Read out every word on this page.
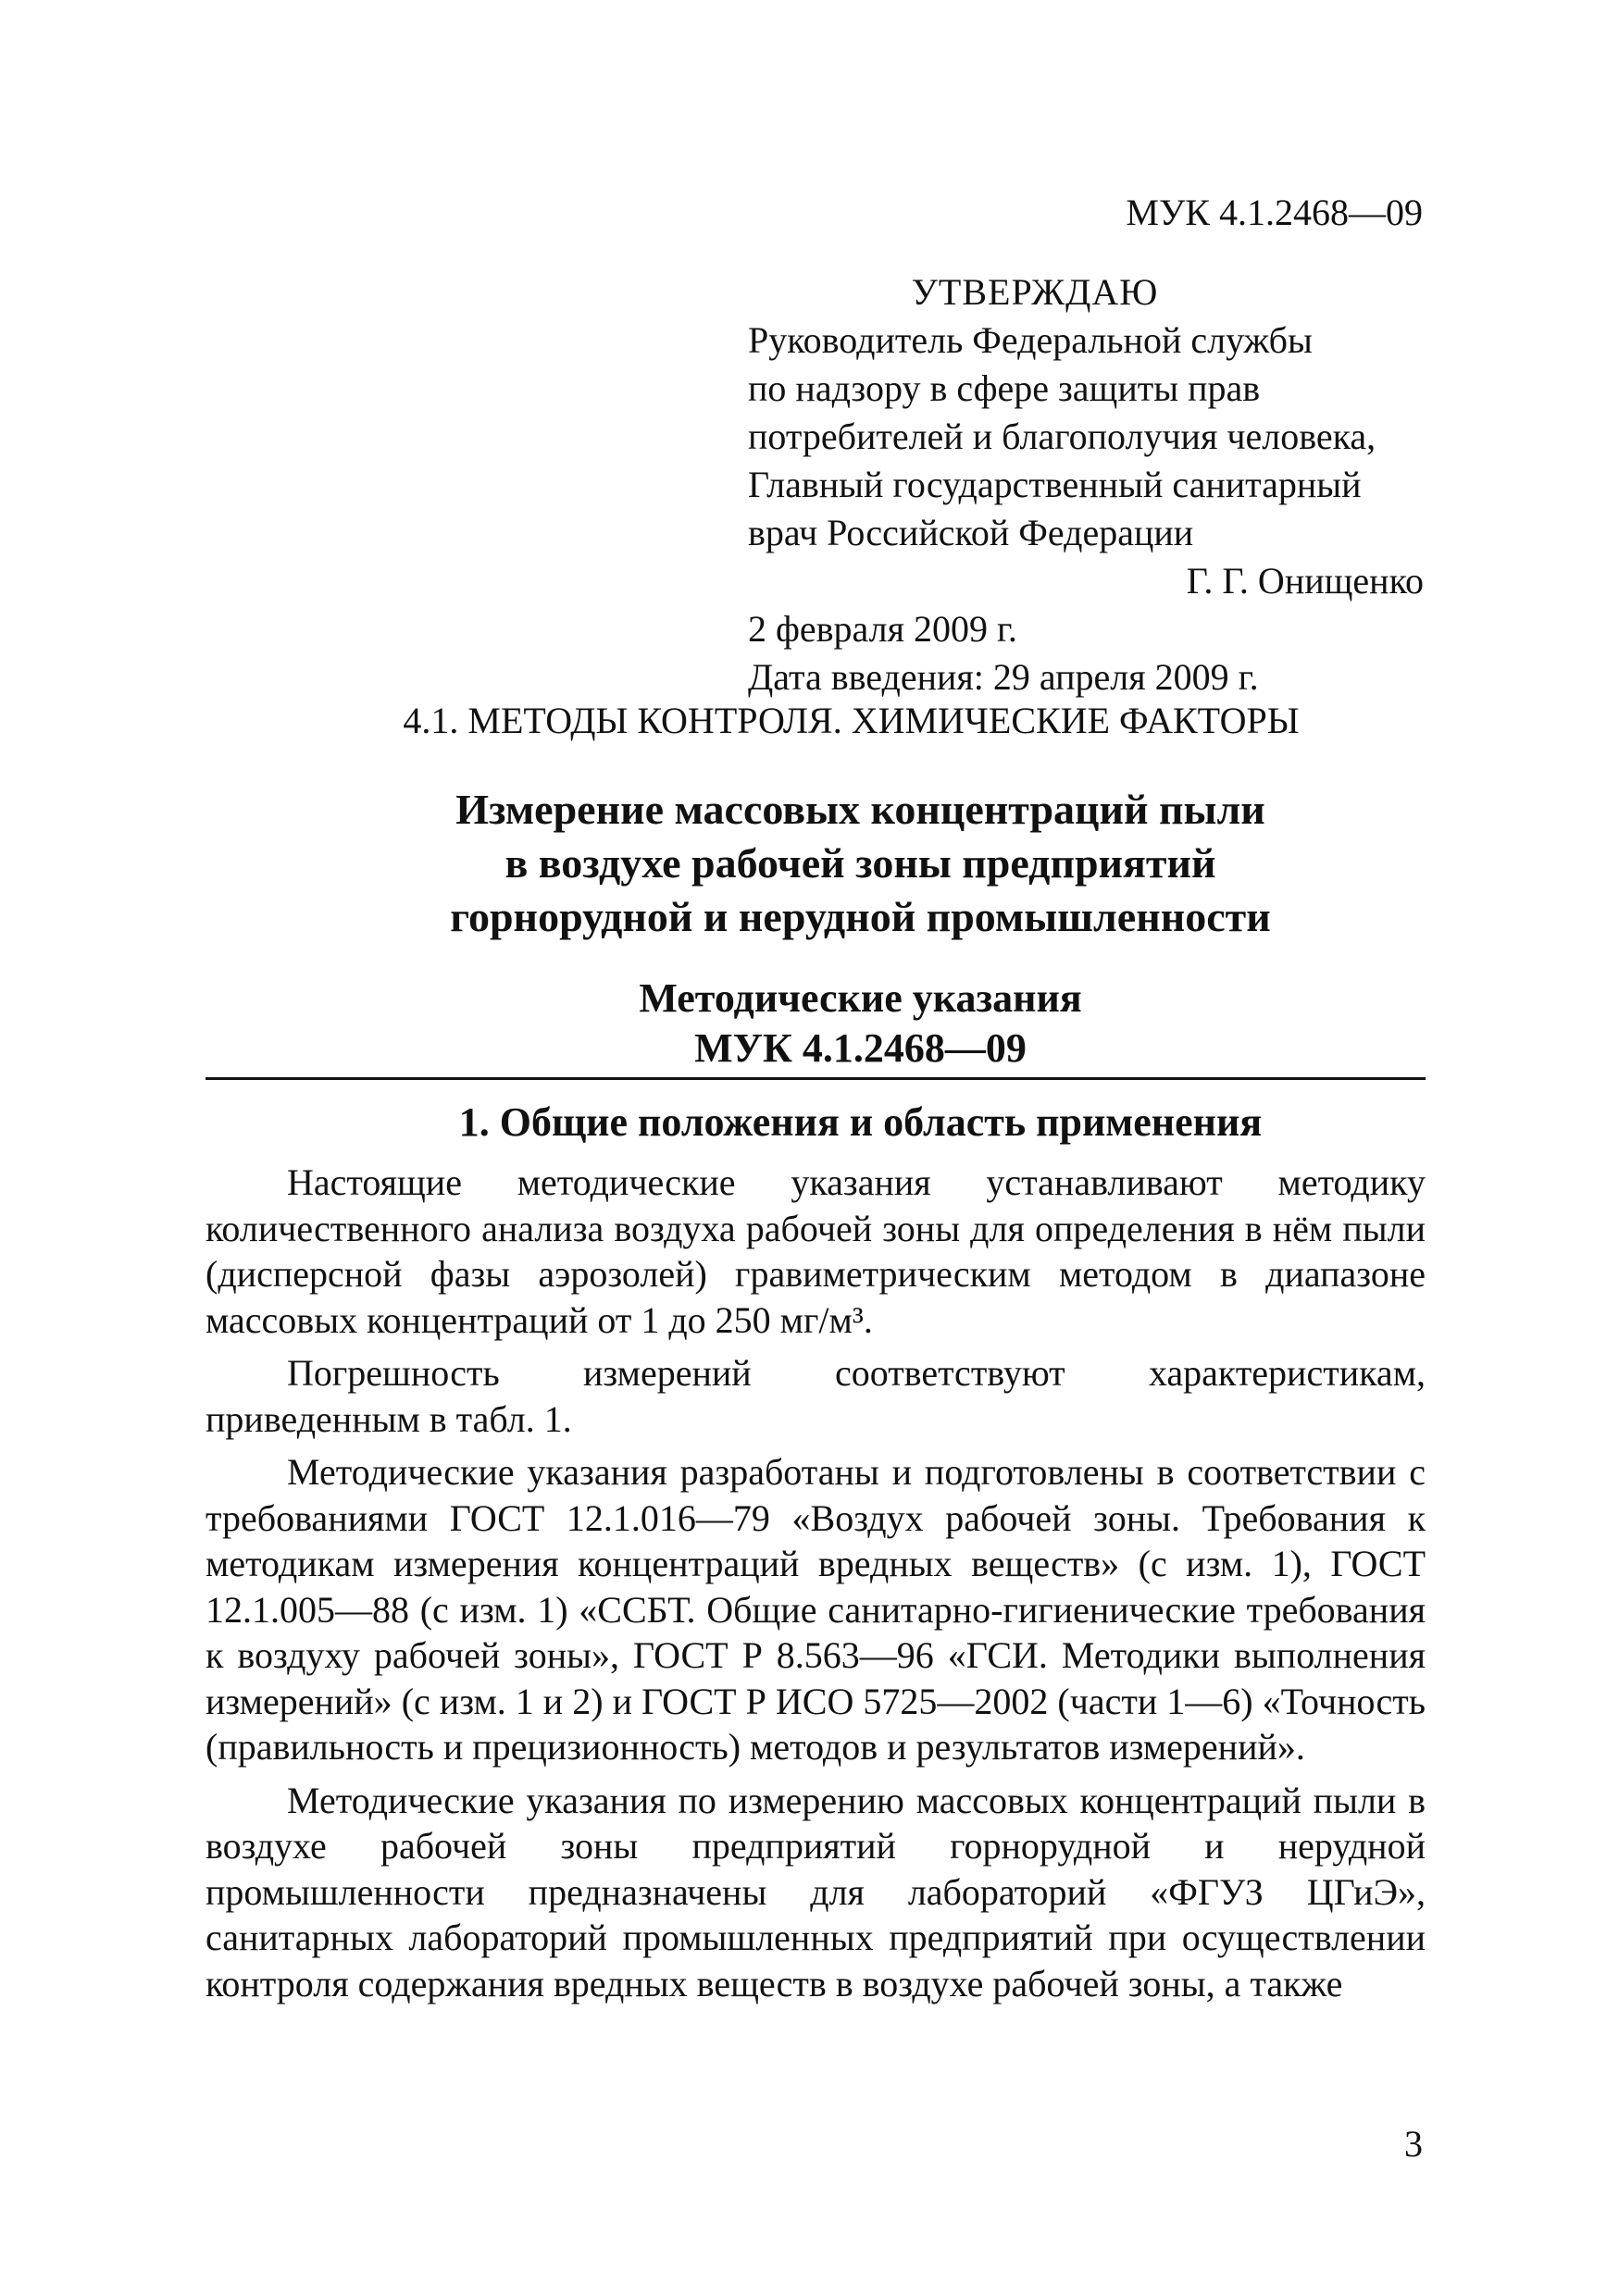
МУК 4.1.2468—09
УТВЕРЖДАЮ
Руководитель Федеральной службы
по надзору в сфере защиты прав
потребителей и благополучия человека,
Главный государственный санитарный
врач Российской Федерации
Г. Г. Онищенко
2 февраля 2009 г.
Дата введения: 29 апреля 2009 г.
4.1. МЕТОДЫ КОНТРОЛЯ. ХИМИЧЕСКИЕ ФАКТОРЫ
Измерение массовых концентраций пыли
в воздухе рабочей зоны предприятий
горнорудной и нерудной промышленности
Методические указания
МУК 4.1.2468—09
1. Общие положения и область применения

Настоящие методические указания устанавливают методику количественного анализа воздуха рабочей зоны для определения в нём пыли (дисперсной фазы аэрозолей) гравиметрическим методом в диапазоне массовых концентраций от 1 до 250 мг/м³.

Погрешность измерений соответствуют характеристикам, приведенным в табл. 1.

Методические указания разработаны и подготовлены в соответствии с требованиями ГОСТ 12.1.016—79 «Воздух рабочей зоны. Требования к методикам измерения концентраций вредных веществ» (с изм. 1), ГОСТ 12.1.005—88 (с изм. 1) «ССБТ. Общие санитарно-гигиенические требования к воздуху рабочей зоны», ГОСТ Р 8.563—96 «ГСИ. Методики выполнения измерений» (с изм. 1 и 2) и ГОСТ Р ИСО 5725—2002 (части 1—6) «Точность (правильность и прецизионность) методов и результатов измерений».

Методические указания по измерению массовых концентраций пыли в воздухе рабочей зоны предприятий горнорудной и нерудной промышленности предназначены для лабораторий «ФГУЗ ЦГиЭ», санитарных лабораторий промышленных предприятий при осуществлении контроля содержания вредных веществ в воздухе рабочей зоны, а также

3
